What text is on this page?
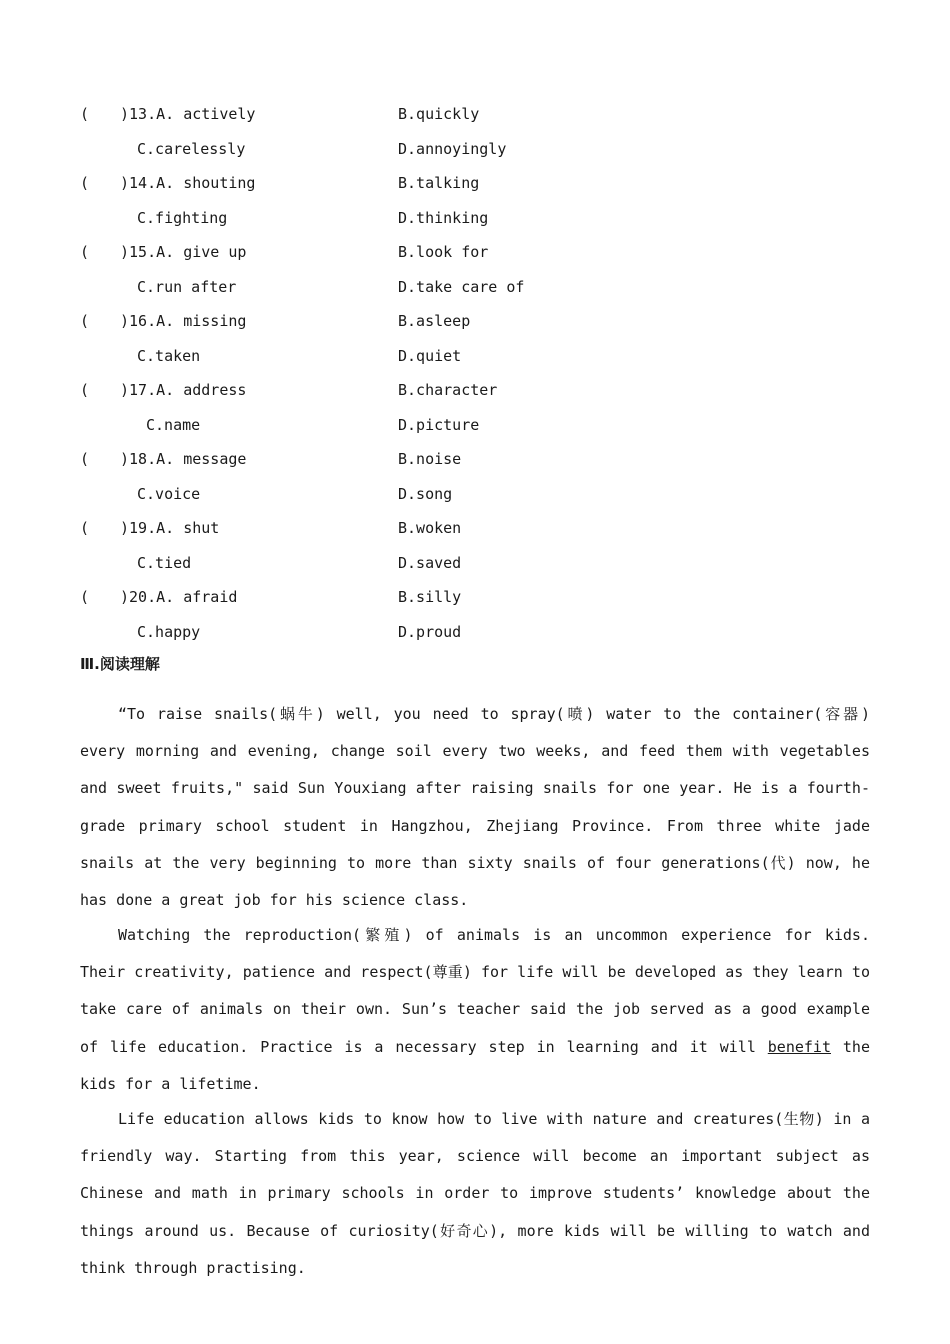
( )13.A. actively	B.quickly
C.carelessly	D.annoyingly
( )14.A. shouting	B.talking
C.fighting	D.thinking
( )15.A. give up	B.look for
C.run after	D.take care of
( )16.A. missing	B.asleep
C.taken	D.quiet
( )17.A. address	B.character
C.name	D.picture
( )18.A. message	B.noise
C.voice	D.song
( )19.A. shut	B.woken
C.tied	D.saved
( )20.A. afraid	B.silly
C.happy	D.proud
Ⅲ.阅读理解

“To raise snails(蜗牛) well, you need to spray(喷) water to the container(容器) every morning and evening, change soil every two weeks, and feed them with vegetables and sweet fruits," said Sun Youxiang after raising snails for one year. He is a fourth-grade primary school student in Hangzhou, Zhejiang Province. From three white jade snails at the very beginning to more than sixty snails of four generations(代) now, he has done a great job for his science class.

Watching the reproduction(繁殖) of animals is an uncommon experience for kids. Their creativity, patience and respect(尊重) for life will be developed as they learn to take care of animals on their own. Sun’s teacher said the job served as a good example of life education. Practice is a necessary step in learning and it will benefit the kids for a lifetime.

Life education allows kids to know how to live with nature and creatures(生物) in a friendly way. Starting from this year, science will become an important subject as Chinese and math in primary schools in order to improve students’ knowledge about the things around us. Because of curiosity(好奇心), more kids will be willing to watch and think through practising.
